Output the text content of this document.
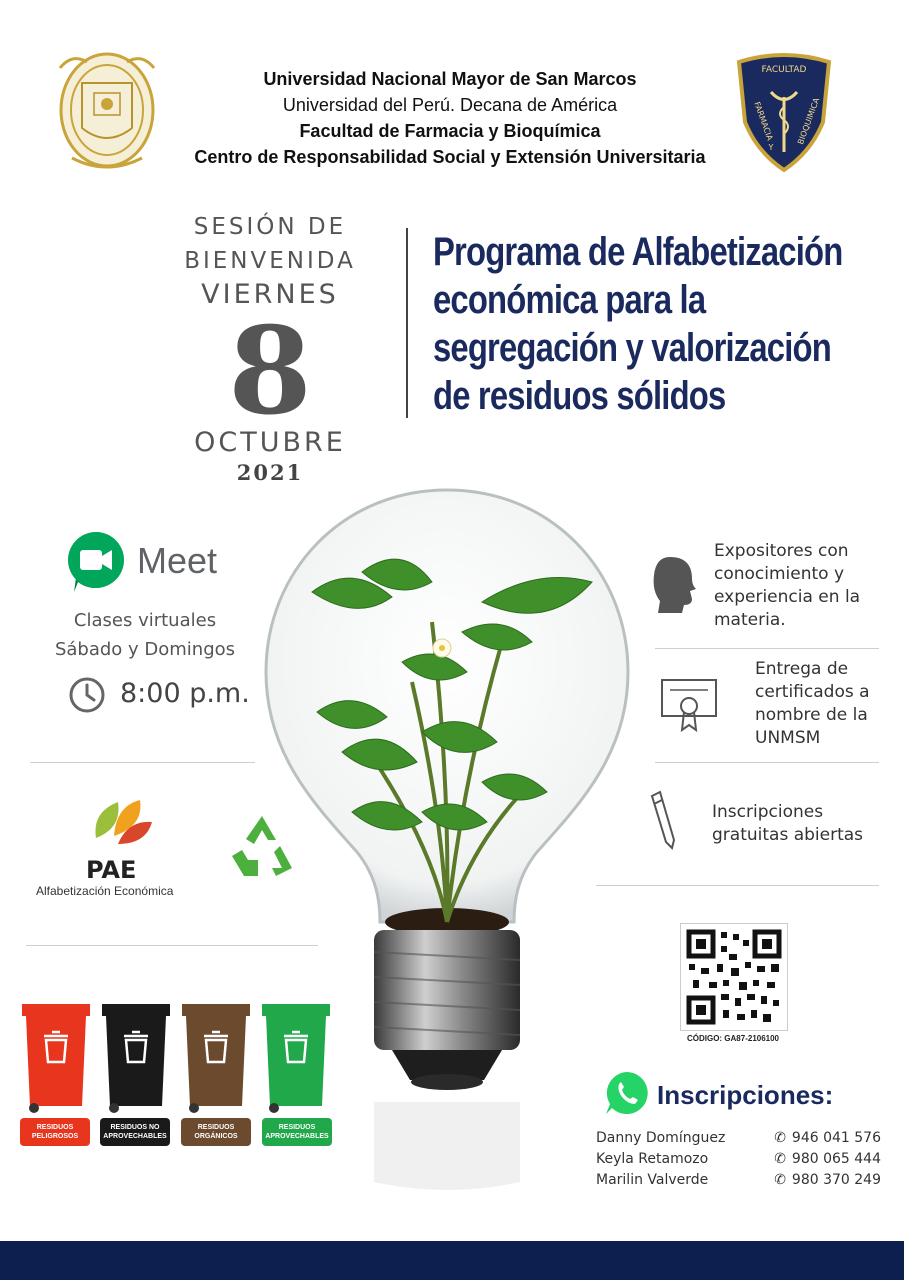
Universidad Nacional Mayor de San Marcos
Universidad del Perú. Decana de América
Facultad de Farmacia y Bioquímica
Centro de Responsabilidad Social y Extensión Universitaria
FACULTAD
FARMACIA	BIOQUIMICA
Y
SESIÓN DE
BIENVENIDA
VIERNES
8
OCTUBRE
2021
Programa de Alfabetización
económica para la
segregación y valorización
de residuos sólidos
Meet
Clases virtuales
Sábado y Domingos
8:00 p.m.
PAE
Alfabetización Económica
RESIDUOS
PELIGROSOS
RESIDUOS NO
APROVECHABLES
RESIDUOS
ORGÁNICOS
RESIDUOS
APROVECHABLES
Expositores con
conocimiento y
experiencia en la
materia.
Entrega de
certificados a
nombre de la
UNMSM
Inscripciones
gratuitas abiertas
CÓDIGO: GA87-2106100
Inscripciones:
Danny Domínguez	✆ 946 041 576
Keyla Retamozo	✆ 980 065 444
Marilin Valverde	✆ 980 370 249
